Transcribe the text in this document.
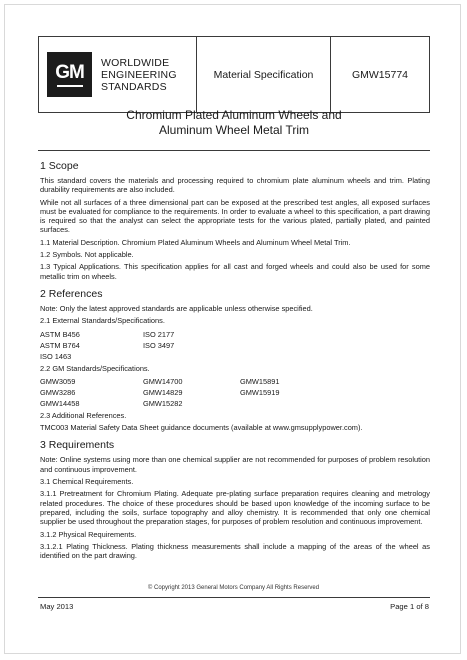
GM WORLDWIDE
ENGINEERING
STANDARDS
Material Specification	GMW15774
Chromium Plated Aluminum Wheels and
Aluminum Wheel Metal Trim
1 Scope

This standard covers the materials and processing required to chromium plate aluminum wheels and trim. Plating durability requirements are also included.

While not all surfaces of a three dimensional part can be exposed at the prescribed test angles, all exposed surfaces must be evaluated for compliance to the requirements. In order to evaluate a wheel to this specification, a part drawing is required so that the analyst can select the appropriate tests for the various plated, partially plated, and painted surfaces.

1.1 Material Description. Chromium Plated Aluminum Wheels and Aluminum Wheel Metal Trim.

1.2 Symbols. Not applicable.

1.3 Typical Applications. This specification applies for all cast and forged wheels and could also be used for some metallic trim on wheels.

2 References

Note: Only the latest approved standards are applicable unless otherwise specified.

2.1 External Standards/Specifications.

ASTM B456	ISO 2177
ASTM B764	ISO 3497
ISO 1463

2.2 GM Standards/Specifications.

GMW3059	GMW14700	GMW15891
GMW3286	GMW14829	GMW15919
GMW14458	GMW15282

2.3 Additional References.

TMC003 Material Safety Data Sheet guidance documents (available at www.gmsupplypower.com).

3 Requirements

Note: Online systems using more than one chemical supplier are not recommended for purposes of problem resolution and continuous improvement.

3.1 Chemical Requirements.

3.1.1 Pretreatment for Chromium Plating. Adequate pre-plating surface preparation requires cleaning and metrology related procedures. The choice of these procedures should be based upon knowledge of the incoming surface to be prepared, including the soils, surface topography and alloy chemistry. It is recommended that only one chemical supplier be used throughout the preparation stages, for purposes of problem resolution and continuous improvement.

3.1.2 Physical Requirements.

3.1.2.1 Plating Thickness. Plating thickness measurements shall include a mapping of the areas of the wheel as identified on the part drawing.

© Copyright 2013 General Motors Company All Rights Reserved
May 2013	Page 1 of 8
